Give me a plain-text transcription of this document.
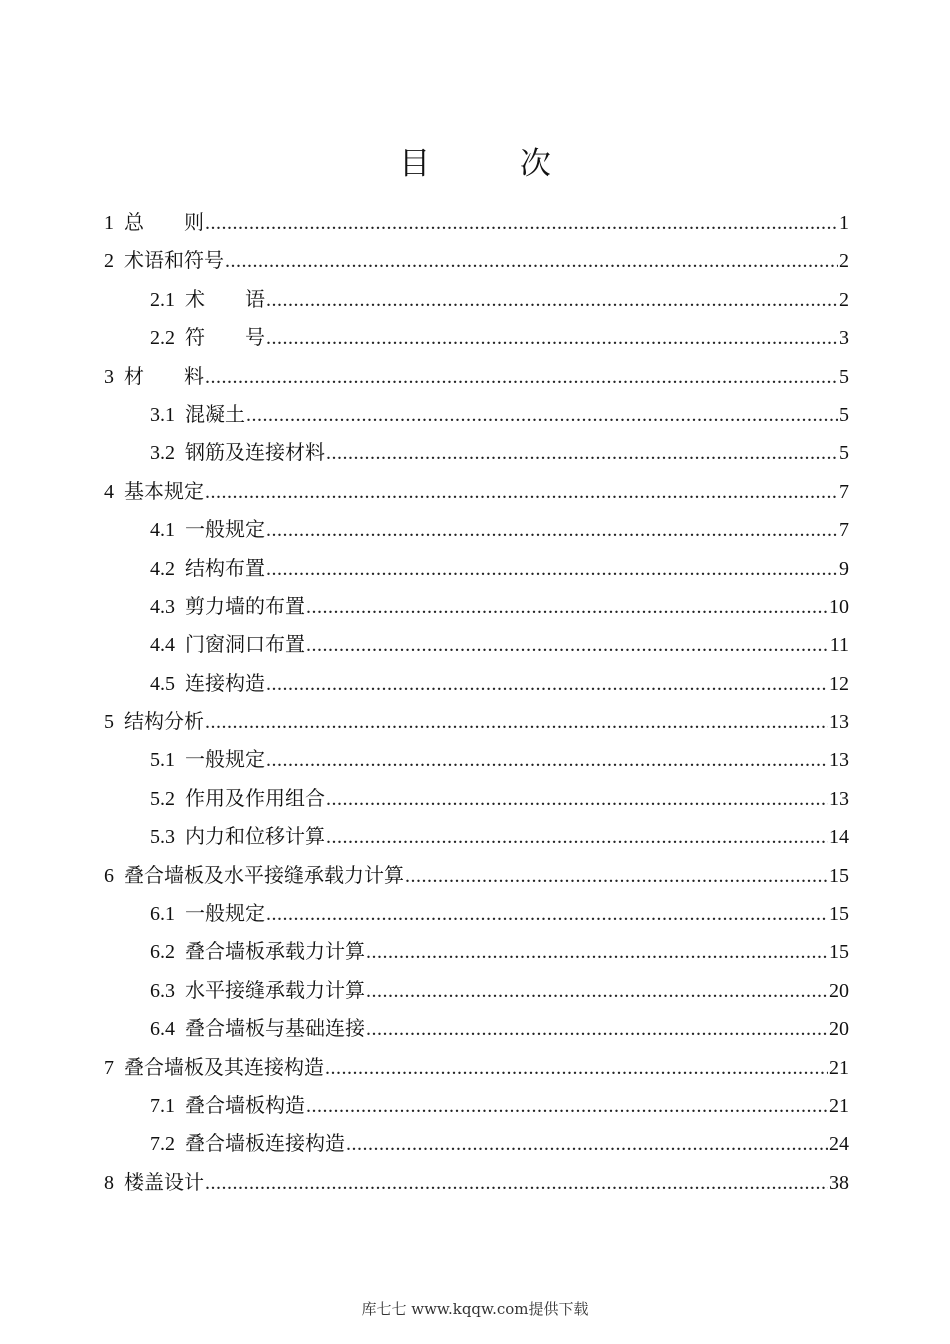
目 次
1 总　　则 .....	1
2 术语和符号 .....	2
2.1 术　　语 .....	2
2.2 符　　号 .....	3
3 材　　料 .....	5
3.1 混凝土 .....	5
3.2 钢筋及连接材料 .....	5
4 基本规定 .....	7
4.1 一般规定 .....	7
4.2 结构布置 .....	9
4.3 剪力墙的布置 .....	10
4.4 门窗洞口布置 .....	11
4.5 连接构造 .....	12
5 结构分析 .....	13
5.1 一般规定 .....	13
5.2 作用及作用组合 .....	13
5.3 内力和位移计算 .....	14
6 叠合墙板及水平接缝承载力计算 .....	15
6.1 一般规定 .....	15
6.2 叠合墙板承载力计算 .....	15
6.3 水平接缝承载力计算 .....	20
6.4 叠合墙板与基础连接 .....	20
7 叠合墙板及其连接构造 .....	21
7.1 叠合墙板构造 .....	21
7.2 叠合墙板连接构造 .....	24
8 楼盖设计 .....	38
库七七 www.kqqw.com提供下载
